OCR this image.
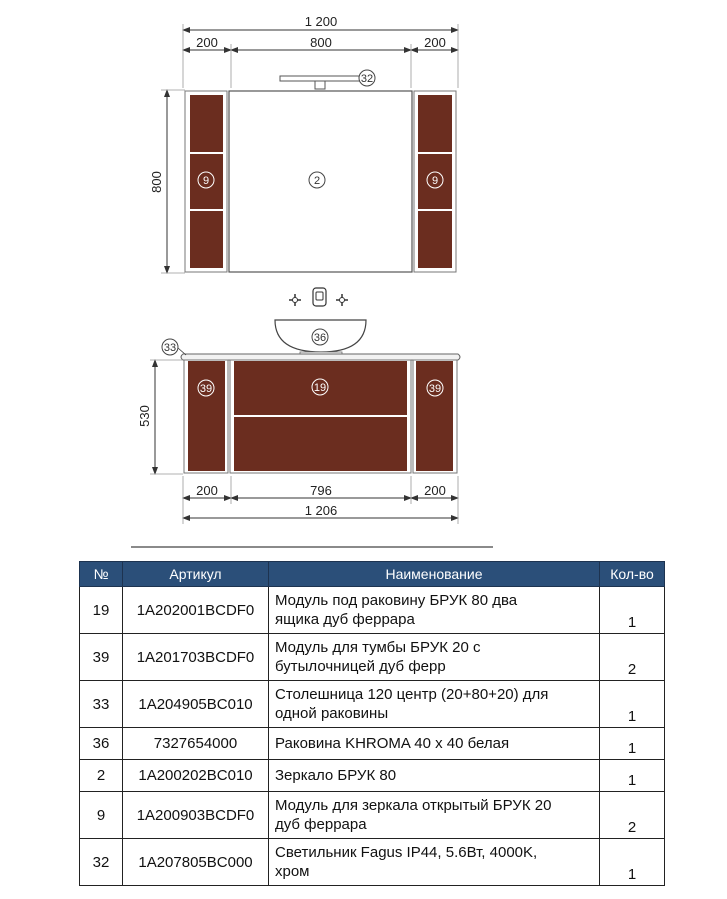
1 200
200	800	200
800
32
9	2	9
36
33
39	19	39
530
200	796	200
1 206
№	Артикул	Наименование	Кол-во
19	1A202001BCDF0	Модуль под раковину БРУК 80 два
ящика дуб феррара	1
39	1A201703BCDF0	Модуль для тумбы БРУК 20 с
бутылочницей дуб ферр	2
33	1A204905BC010	Столешница 120 центр (20+80+20) для
одной раковины	1
36	7327654000	Раковина KHROMA 40 x 40 белая	1
2	1A200202BC010	Зеркало БРУК 80	1
9	1A200903BCDF0	Модуль для зеркала открытый БРУК 20
дуб феррара	2
32	1A207805BC000	Светильник Fagus IP44, 5.6Вт, 4000K,
хром	1
